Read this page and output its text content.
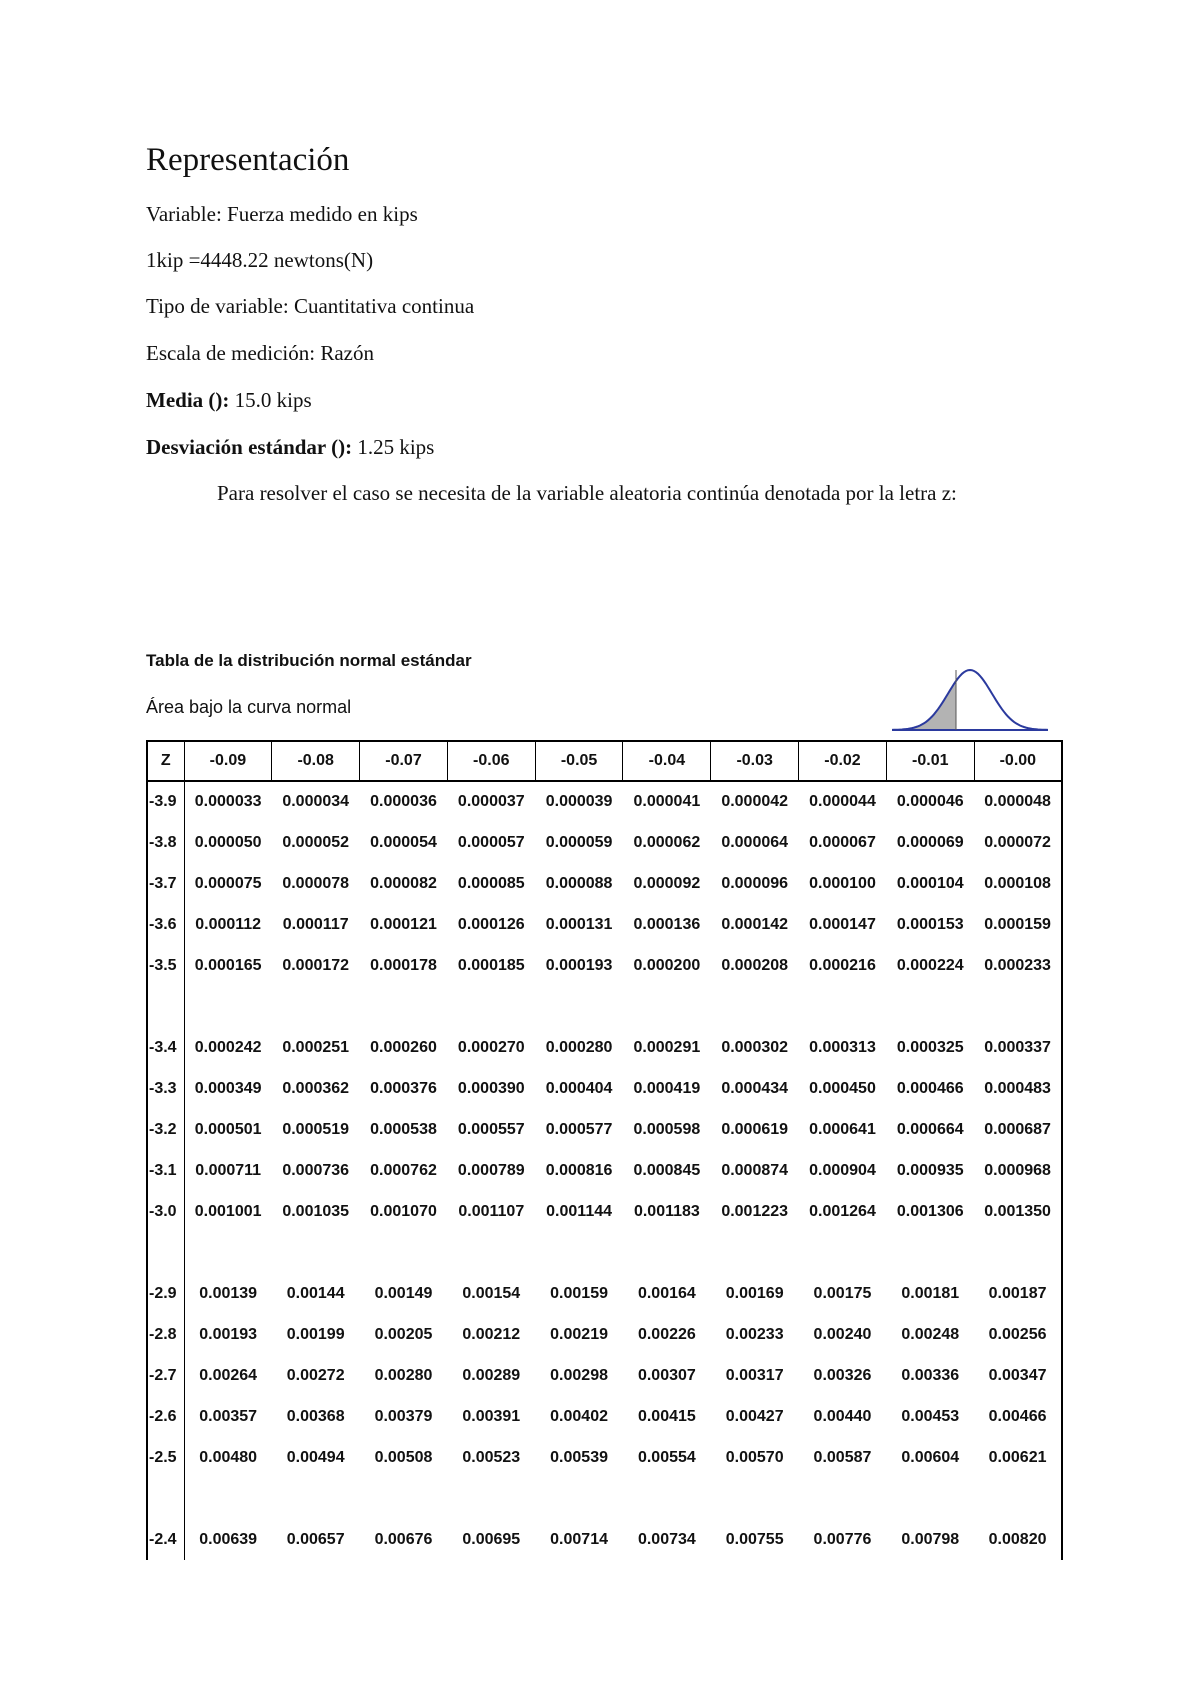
Representación
Variable: Fuerza medido en kips
1kip =4448.22 newtons(N)
Tipo de variable: Cuantitativa continua
Escala de medición: Razón
Media (): 15.0 kips
Desviación estándar (): 1.25 kips
Para resolver el caso se necesita de la variable aleatoria continúa denotada por la letra z:
Tabla de la distribución normal estándar
Área bajo la curva normal
Z	-0.09	-0.08	-0.07	-0.06	-0.05	-0.04	-0.03	-0.02	-0.01	-0.00
-3.9	0.000033	0.000034	0.000036	0.000037	0.000039	0.000041	0.000042	0.000044	0.000046	0.000048
-3.8	0.000050	0.000052	0.000054	0.000057	0.000059	0.000062	0.000064	0.000067	0.000069	0.000072
-3.7	0.000075	0.000078	0.000082	0.000085	0.000088	0.000092	0.000096	0.000100	0.000104	0.000108
-3.6	0.000112	0.000117	0.000121	0.000126	0.000131	0.000136	0.000142	0.000147	0.000153	0.000159
-3.5	0.000165	0.000172	0.000178	0.000185	0.000193	0.000200	0.000208	0.000216	0.000224	0.000233

-3.4	0.000242	0.000251	0.000260	0.000270	0.000280	0.000291	0.000302	0.000313	0.000325	0.000337
-3.3	0.000349	0.000362	0.000376	0.000390	0.000404	0.000419	0.000434	0.000450	0.000466	0.000483
-3.2	0.000501	0.000519	0.000538	0.000557	0.000577	0.000598	0.000619	0.000641	0.000664	0.000687
-3.1	0.000711	0.000736	0.000762	0.000789	0.000816	0.000845	0.000874	0.000904	0.000935	0.000968
-3.0	0.001001	0.001035	0.001070	0.001107	0.001144	0.001183	0.001223	0.001264	0.001306	0.001350

-2.9	0.00139	0.00144	0.00149	0.00154	0.00159	0.00164	0.00169	0.00175	0.00181	0.00187
-2.8	0.00193	0.00199	0.00205	0.00212	0.00219	0.00226	0.00233	0.00240	0.00248	0.00256
-2.7	0.00264	0.00272	0.00280	0.00289	0.00298	0.00307	0.00317	0.00326	0.00336	0.00347
-2.6	0.00357	0.00368	0.00379	0.00391	0.00402	0.00415	0.00427	0.00440	0.00453	0.00466
-2.5	0.00480	0.00494	0.00508	0.00523	0.00539	0.00554	0.00570	0.00587	0.00604	0.00621

-2.4	0.00639	0.00657	0.00676	0.00695	0.00714	0.00734	0.00755	0.00776	0.00798	0.00820
